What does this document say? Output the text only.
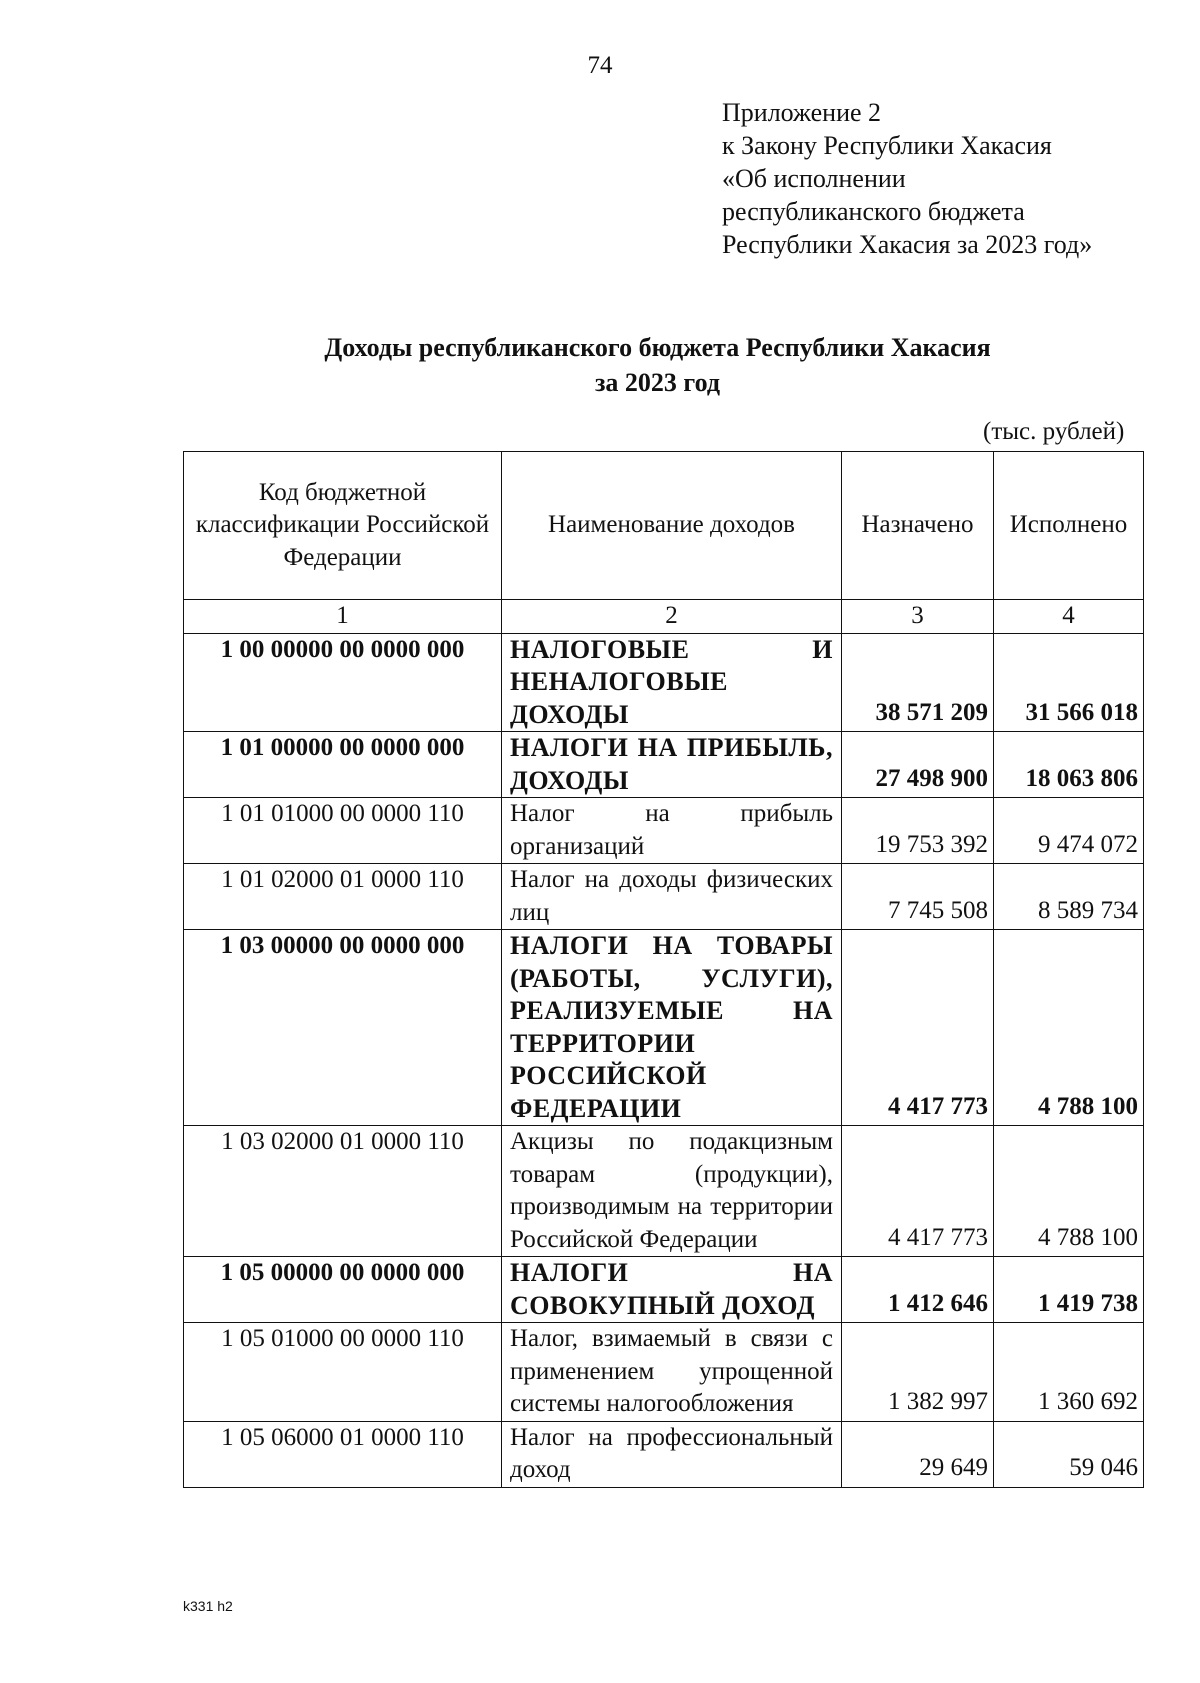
74
Приложение 2
к Закону Республики Хакасия
«Об исполнении
республиканского бюджета
Республики Хакасия за 2023 год»
Доходы республиканского бюджета Республики Хакасия
за 2023 год
(тыс. рублей)
Код бюджетной классификации Российской Федерации	Наименование доходов	Назначено	Исполнено
1	2	3	4
1 00 00000 00 0000 000	НАЛОГОВЫЕ И НЕНАЛОГОВЫЕ ДОХОДЫ	38 571 209	31 566 018
1 01 00000 00 0000 000	НАЛОГИ НА ПРИБЫЛЬ, ДОХОДЫ	27 498 900	18 063 806
1 01 01000 00 0000 110	Налог на прибыль организаций	19 753 392	9 474 072
1 01 02000 01 0000 110	Налог на доходы физических лиц	7 745 508	8 589 734
1 03 00000 00 0000 000	НАЛОГИ НА ТОВАРЫ (РАБОТЫ, УСЛУГИ), РЕАЛИЗУЕМЫЕ НА ТЕРРИТОРИИ РОССИЙСКОЙ ФЕДЕРАЦИИ	4 417 773	4 788 100
1 03 02000 01 0000 110	Акцизы по подакцизным товарам (продукции), производимым на территории Российской Федерации	4 417 773	4 788 100
1 05 00000 00 0000 000	НАЛОГИ НА СОВОКУПНЫЙ ДОХОД	1 412 646	1 419 738
1 05 01000 00 0000 110	Налог, взимаемый в связи с применением упрощенной системы налогообложения	1 382 997	1 360 692
1 05 06000 01 0000 110	Налог на профессиональный доход	29 649	59 046
k331 h2
